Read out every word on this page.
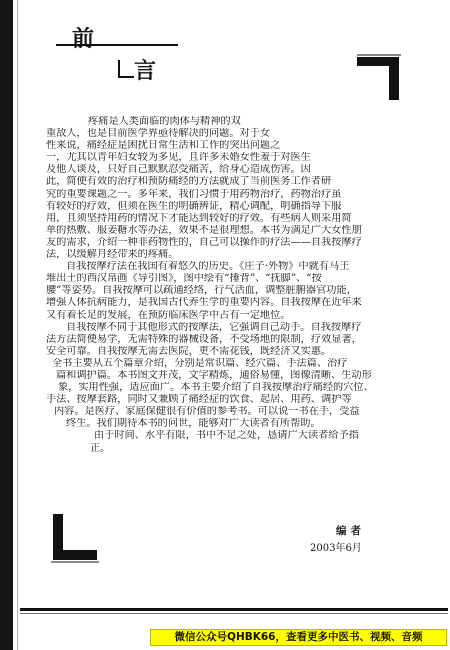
前
言
疼痛是人类面临的肉体与精神的双
重敌人，也是目前医学界亟待解决的问题。对于女
性来说，痛经症是困扰日常生活和工作的突出问题之
一，尤其以青年妇女较为多见，且许多未婚女性羞于对医生
及他人谈及，只好自己默默忍受痛苦，给身心造成伤害。因
此，简便有效的治疗和预防痛经的方法就成了当前医务工作者研
究的重要课题之一。多年来，我们习惯于用药物治疗，药物治疗虽
有较好的疗效，但须在医生的明确辨证，精心调配，明确指导下服
用，且须坚持用药的情况下才能达到较好的疗效。有些病人则采用简
单的热敷、服姜糖水等办法，效果不是很理想。本书为满足广大女性朋
友的需求，介绍一种非药物性的，自己可以操作的疗法——自我按摩疗
法，以缓解月经带来的疼痛。
自我按摩疗法在我国有着悠久的历史。《庄子·外物》中就有马王
堆出土的西汉帛画《导引图》，图中绘有“捶背”、“抚脚”、“按
腰”等姿势。自我按摩可以疏通经络，行气活血，调整脏腑器官功能，
增强人体抗病能力，是我国古代养生学的重要内容。自我按摩在近年来
又有着长足的发展，在预防临床医学中占有一定地位。
自我按摩不同于其他形式的按摩法，它强调自己动手。自我按摩疗
法方法简便易学，无需特殊的器械设备，不受场地的限制，疗效显著，
安全可靠。自我按摩无需去医院，更不需花钱，既经济又实惠。
全书主要从五个篇章介绍，分别是常识篇、经穴篇、手法篇、治疗
篇和调护篇。本书图文并茂，文字精炼，通俗易懂，图像清晰、生动形
象，实用性强，适应面广。本书主要介绍了自我按摩治疗痛经的穴位、
手法、按摩套路，同时又兼顾了痛经症的饮食、起居、用药、调护等
内容。是医疗、家庭保健很有价值的参考书。可以说一书在手，受益
终生。我们期待本书的问世，能够对广大读者有所帮助。
由于时间、水平有限，书中不足之处，恳请广大读者给予指
正。
编者
2003年6月
微信公众号QHBK66，查看更多中医书、视频、音频
